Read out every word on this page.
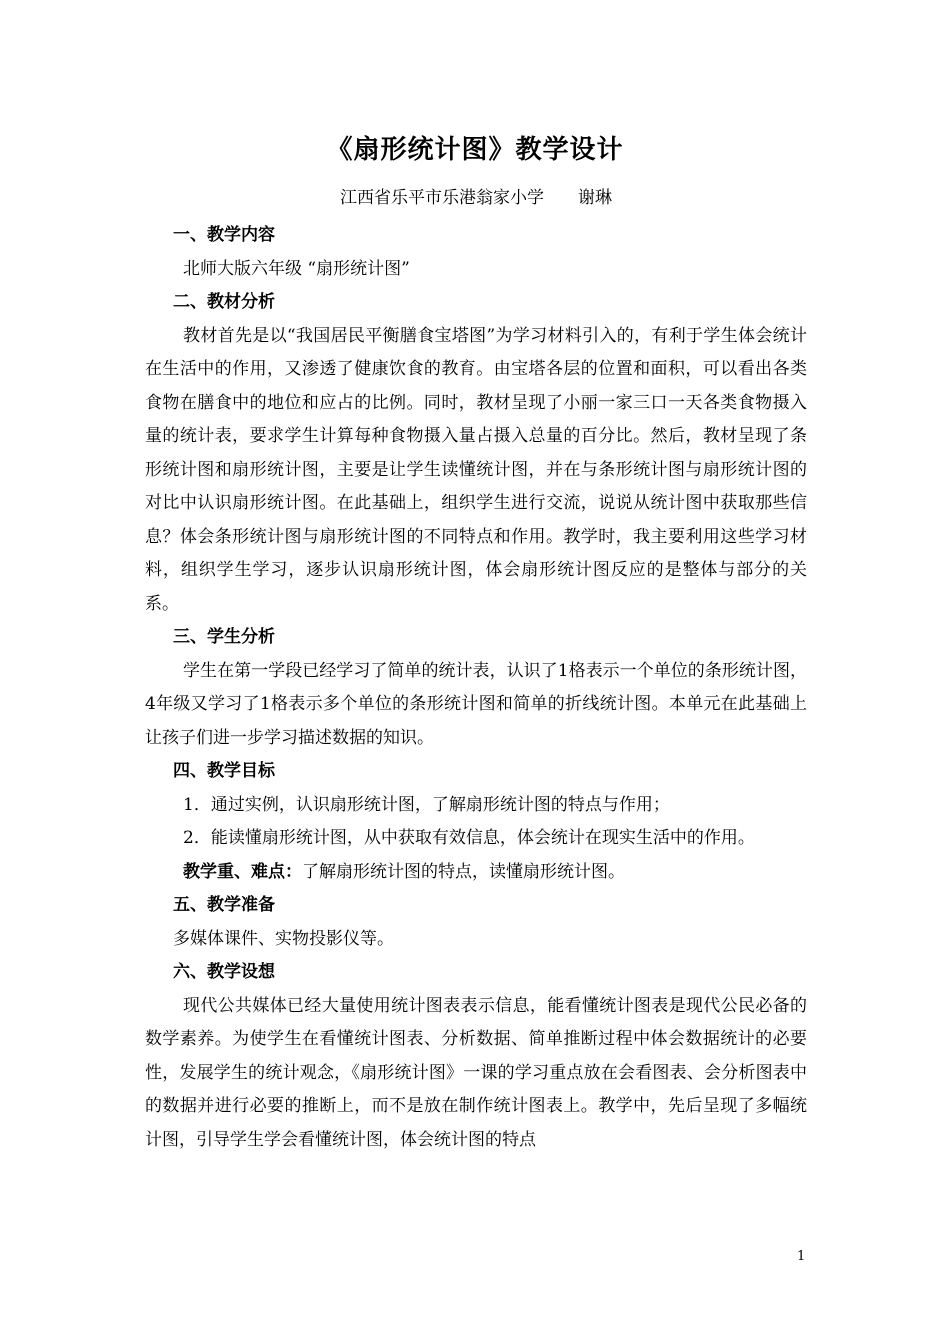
《扇形统计图》教学设计
江西省乐平市乐港翁家小学　　谢琳

一、教学内容

北师大版六年级 “扇形统计图”

二、教材分析

教材首先是以“我国居民平衡膳食宝塔图”为学习材料引入的，有利于学生体会统计在生活中的作用，又渗透了健康饮食的教育。由宝塔各层的位置和面积，可以看出各类食物在膳食中的地位和应占的比例。同时，教材呈现了小丽一家三口一天各类食物摄入量的统计表，要求学生计算每种食物摄入量占摄入总量的百分比。然后，教材呈现了条形统计图和扇形统计图，主要是让学生读懂统计图，并在与条形统计图与扇形统计图的对比中认识扇形统计图。在此基础上，组织学生进行交流，说说从统计图中获取那些信息？体会条形统计图与扇形统计图的不同特点和作用。教学时，我主要利用这些学习材料，组织学生学习，逐步认识扇形统计图，体会扇形统计图反应的是整体与部分的关系。

三、学生分析

学生在第一学段已经学习了简单的统计表，认识了1格表示一个单位的条形统计图，4年级又学习了1格表示多个单位的条形统计图和简单的折线统计图。本单元在此基础上让孩子们进一步学习描述数据的知识。

四、教学目标

1．通过实例，认识扇形统计图，了解扇形统计图的特点与作用；

2．能读懂扇形统计图，从中获取有效信息，体会统计在现实生活中的作用。

教学重、难点：了解扇形统计图的特点，读懂扇形统计图。

五、教学准备

多媒体课件、实物投影仪等。

六、教学设想

现代公共媒体已经大量使用统计图表表示信息，能看懂统计图表是现代公民必备的数学素养。为使学生在看懂统计图表、分析数据、简单推断过程中体会数据统计的必要性，发展学生的统计观念，《扇形统计图》一课的学习重点放在会看图表、会分析图表中的数据并进行必要的推断上，而不是放在制作统计图表上。教学中，先后呈现了多幅统计图，引导学生学会看懂统计图，体会统计图的特点

1
